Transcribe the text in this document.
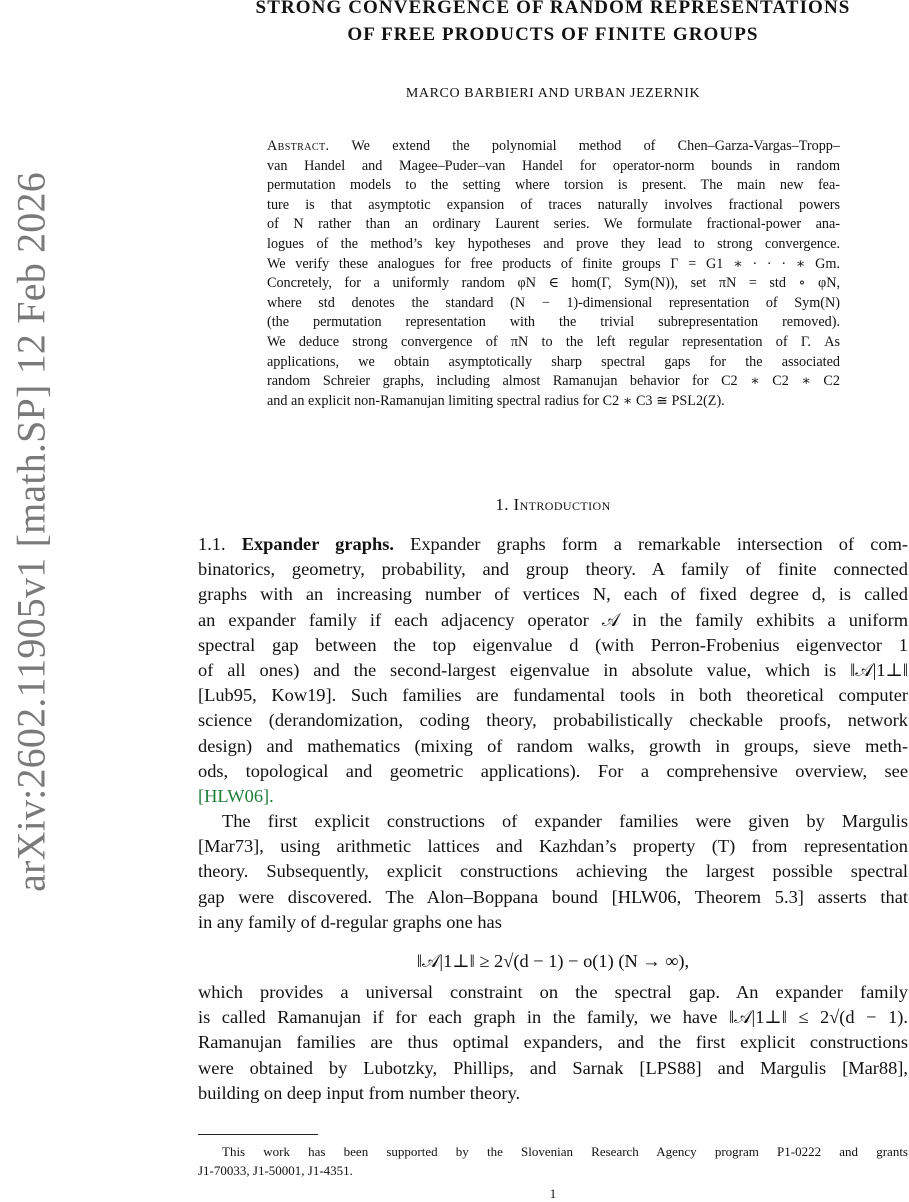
arXiv:2602.11905v1 [math.SP] 12 Feb 2026
STRONG CONVERGENCE OF RANDOM REPRESENTATIONS
OF FREE PRODUCTS OF FINITE GROUPS
MARCO BARBIERI AND URBAN JEZERNIK
Abstract. We extend the polynomial method of Chen–Garza-Vargas–Tropp–
van Handel and Magee–Puder–van Handel for operator-norm bounds in random
permutation models to the setting where torsion is present. The main new fea-
ture is that asymptotic expansion of traces naturally involves fractional powers
of N rather than an ordinary Laurent series. We formulate fractional-power ana-
logues of the method’s key hypotheses and prove they lead to strong convergence.
We verify these analogues for free products of finite groups Γ = G1 ∗ · · · ∗ Gm.
Concretely, for a uniformly random φN ∈ hom(Γ, Sym(N)), set πN = std ∘ φN,
where std denotes the standard (N − 1)-dimensional representation of Sym(N)
(the permutation representation with the trivial subrepresentation removed).
We deduce strong convergence of πN to the left regular representation of Γ. As
applications, we obtain asymptotically sharp spectral gaps for the associated
random Schreier graphs, including almost Ramanujan behavior for C2 ∗ C2 ∗ C2
and an explicit non-Ramanujan limiting spectral radius for C2 ∗ C3 ≅ PSL2(Z).
1. Introduction
1.1. Expander graphs. Expander graphs form a remarkable intersection of com-
binatorics, geometry, probability, and group theory. A family of finite connected
graphs with an increasing number of vertices N, each of fixed degree d, is called
an expander family if each adjacency operator 𝒜 in the family exhibits a uniform
spectral gap between the top eigenvalue d (with Perron-Frobenius eigenvector 1
of all ones) and the second-largest eigenvalue in absolute value, which is ‖𝒜|1⊥‖
[Lub95, Kow19]. Such families are fundamental tools in both theoretical computer
science (derandomization, coding theory, probabilistically checkable proofs, network
design) and mathematics (mixing of random walks, growth in groups, sieve meth-
ods, topological and geometric applications). For a comprehensive overview, see
[HLW06].
The first explicit constructions of expander families were given by Margulis
[Mar73], using arithmetic lattices and Kazhdan’s property (T) from representation
theory. Subsequently, explicit constructions achieving the largest possible spectral
gap were discovered. The Alon–Boppana bound [HLW06, Theorem 5.3] asserts that
in any family of d-regular graphs one has
‖𝒜|1⊥‖ ≥ 2√(d − 1) − o(1) (N → ∞),
which provides a universal constraint on the spectral gap. An expander family
is called Ramanujan if for each graph in the family, we have ‖𝒜|1⊥‖ ≤ 2√(d − 1).
Ramanujan families are thus optimal expanders, and the first explicit constructions
were obtained by Lubotzky, Phillips, and Sarnak [LPS88] and Margulis [Mar88],
building on deep input from number theory.
This work has been supported by the Slovenian Research Agency program P1-0222 and grants
J1-70033, J1-50001, J1-4351.
1
